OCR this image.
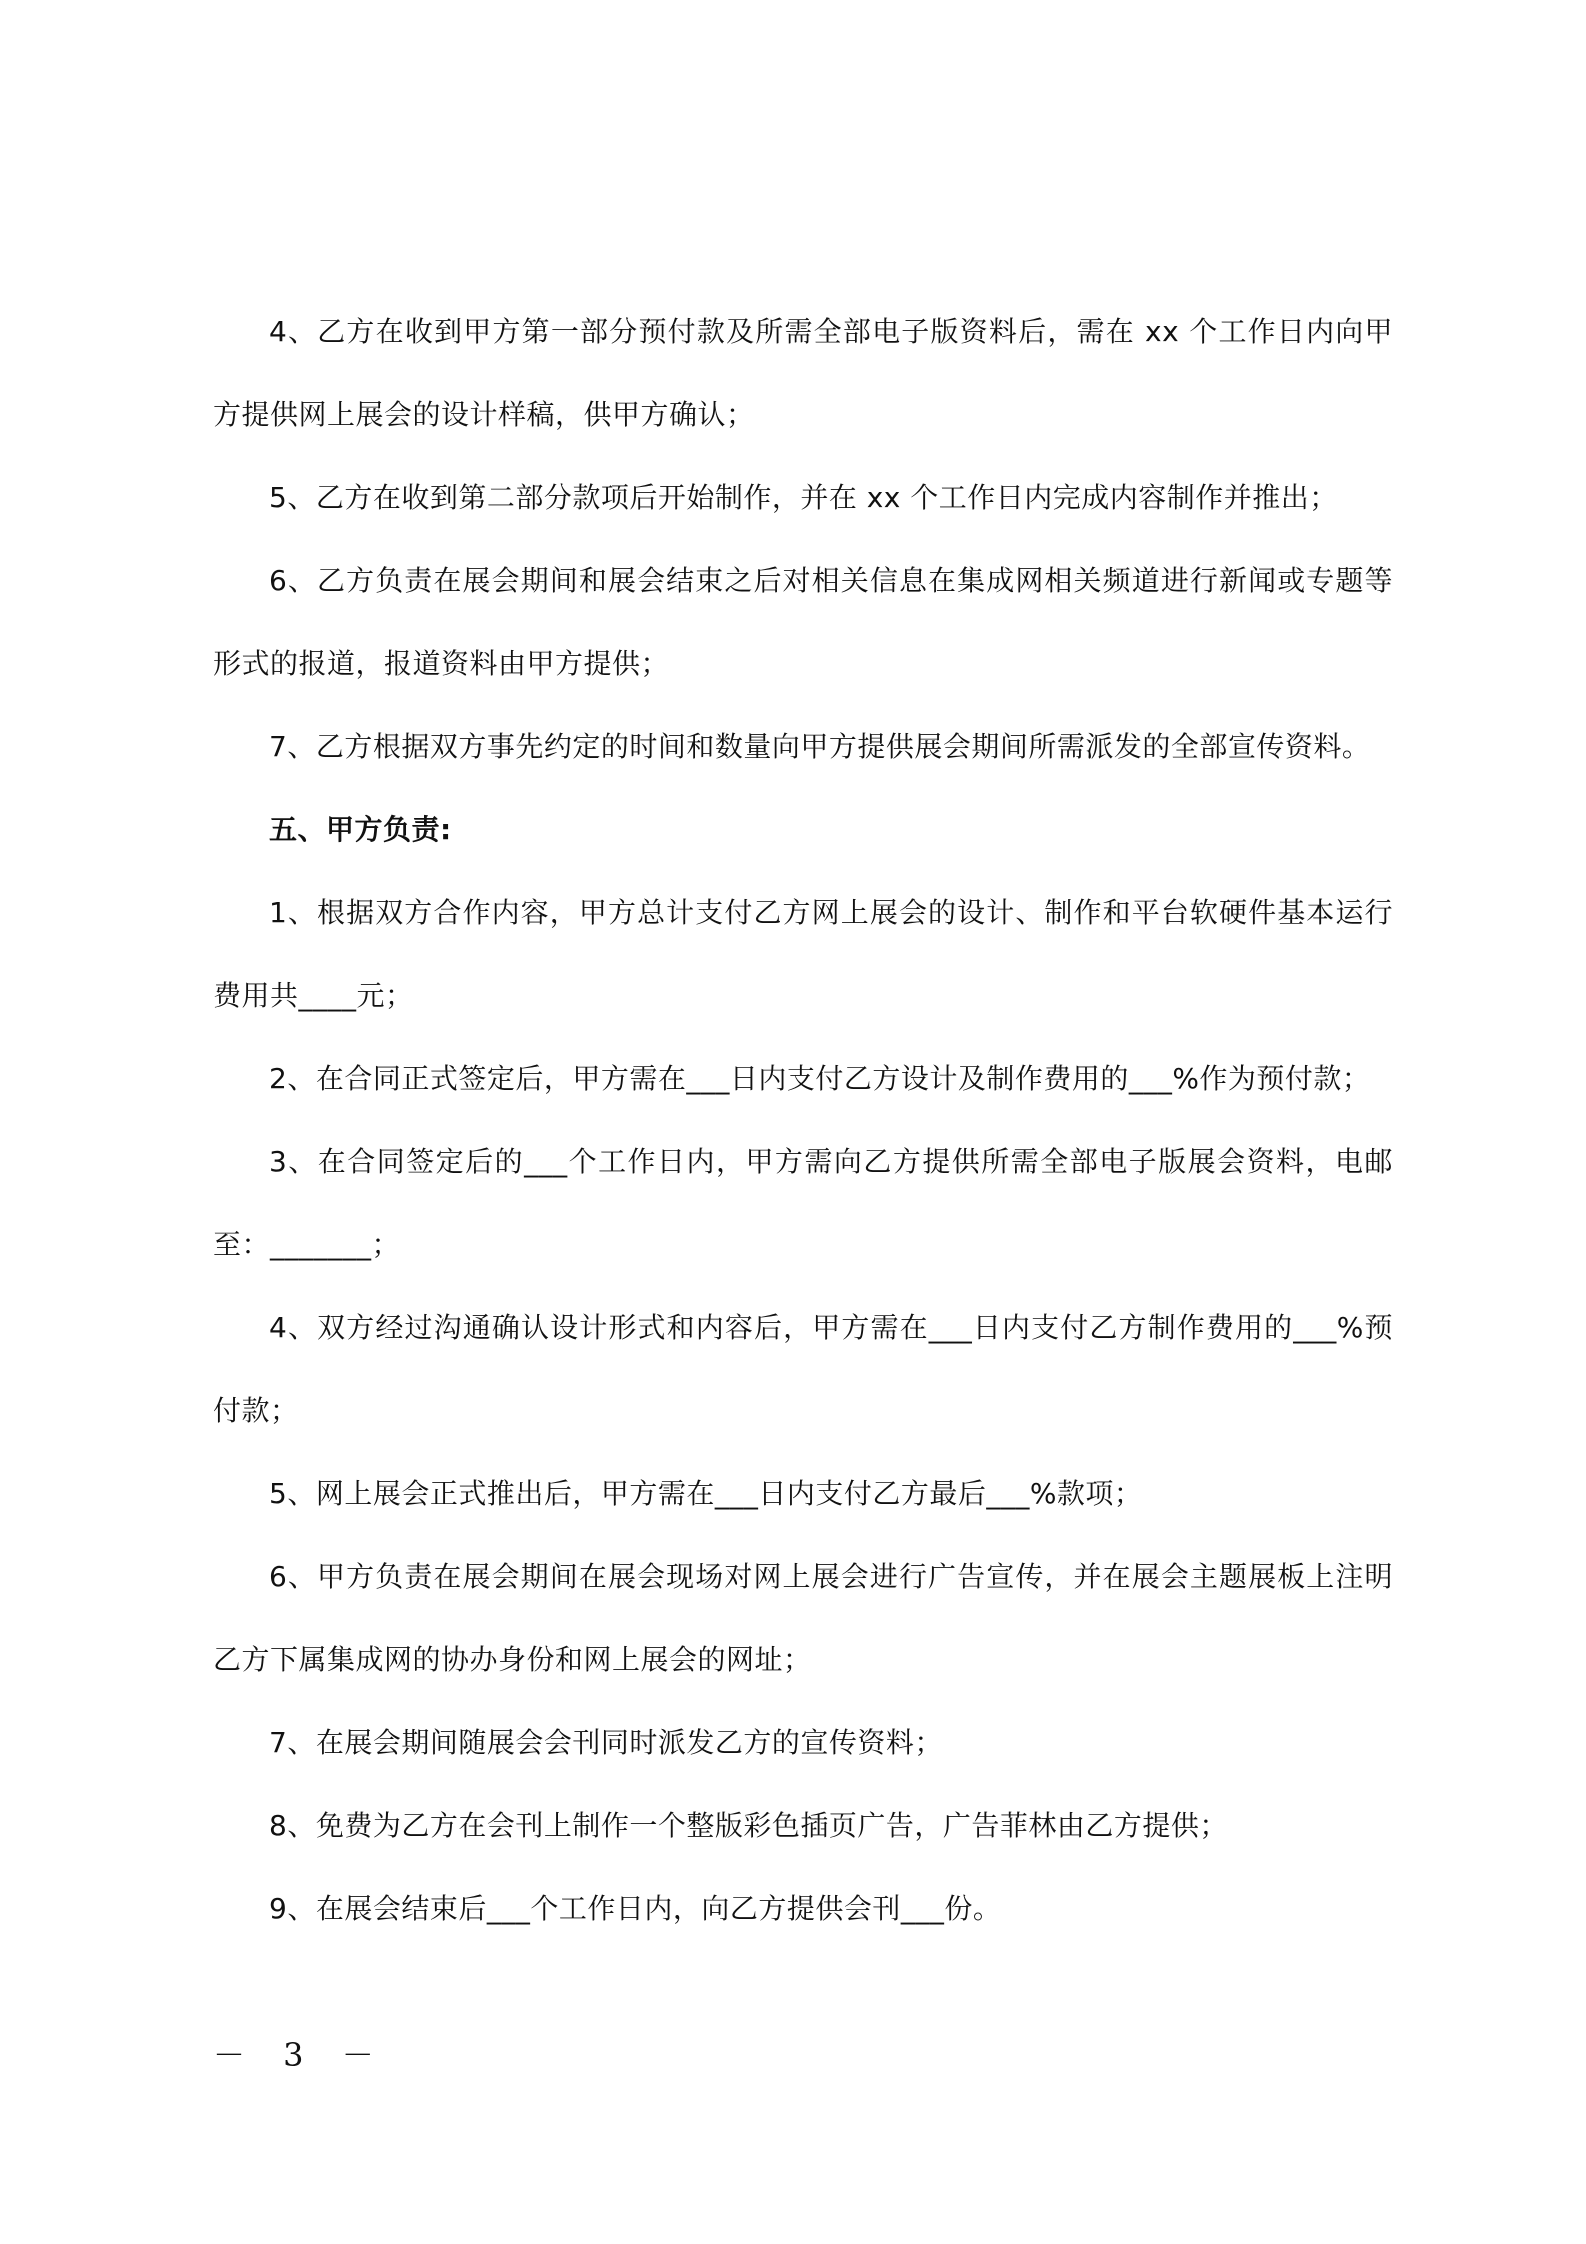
4、乙方在收到甲方第一部分预付款及所需全部电子版资料后，需在 xx 个工作日内向甲方提供网上展会的设计样稿，供甲方确认；

5、乙方在收到第二部分款项后开始制作，并在 xx 个工作日内完成内容制作并推出；

6、乙方负责在展会期间和展会结束之后对相关信息在集成网相关频道进行新闻或专题等形式的报道，报道资料由甲方提供；

7、乙方根据双方事先约定的时间和数量向甲方提供展会期间所需派发的全部宣传资料。

五、甲方负责:

1、根据双方合作内容，甲方总计支付乙方网上展会的设计、制作和平台软硬件基本运行费用共____元；

2、在合同正式签定后，甲方需在___日内支付乙方设计及制作费用的___%作为预付款；

3、在合同签定后的___个工作日内，甲方需向乙方提供所需全部电子版展会资料，电邮至：_______；

4、双方经过沟通确认设计形式和内容后，甲方需在___日内支付乙方制作费用的___%预付款；

5、网上展会正式推出后，甲方需在___日内支付乙方最后___%款项；

6、甲方负责在展会期间在展会现场对网上展会进行广告宣传，并在展会主题展板上注明乙方下属集成网的协办身份和网上展会的网址；

7、在展会期间随展会会刊同时派发乙方的宣传资料；

8、免费为乙方在会刊上制作一个整版彩色插页广告，广告菲林由乙方提供；

9、在展会结束后___个工作日内，向乙方提供会刊___份。

－ 3 －
